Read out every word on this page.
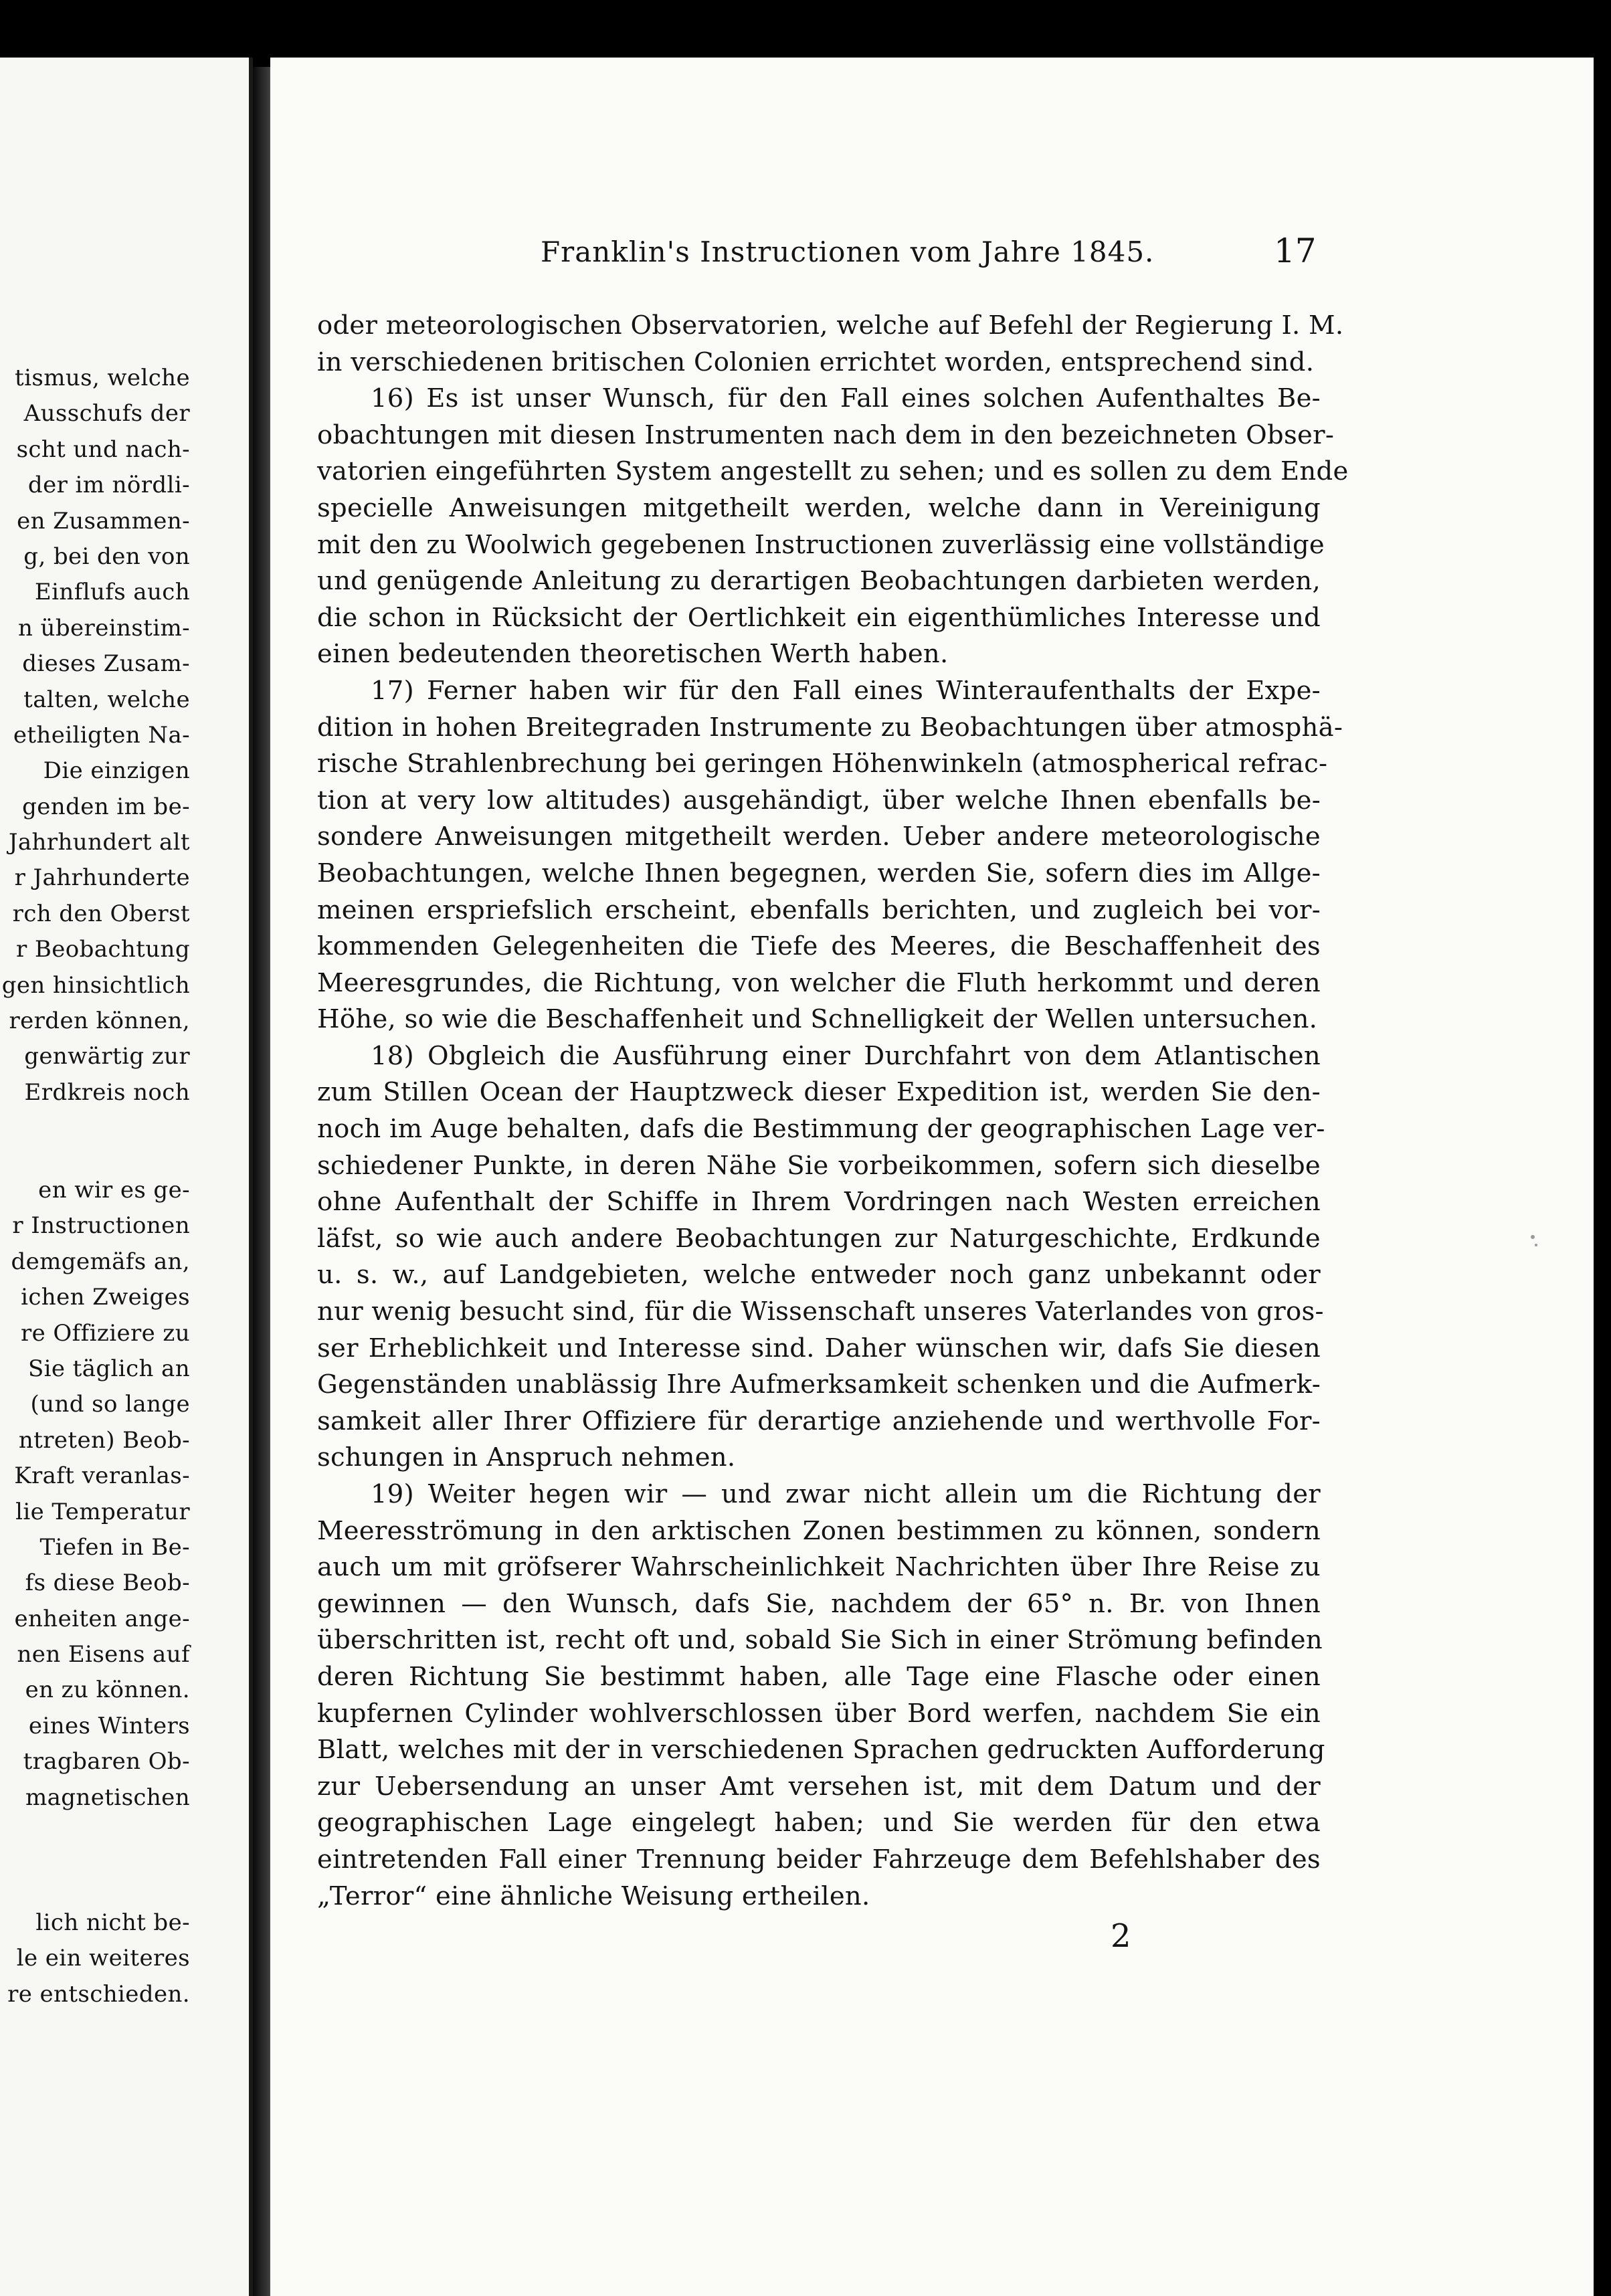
tismus, welche
Ausschufs der
scht und nach-
der im nördli-
en Zusammen-
g, bei den von
Einflufs auch
n übereinstim-
dieses Zusam-
talten, welche
etheiligten Na-
Die einzigen
genden im be-
Jahrhundert alt
r Jahrhunderte
rch den Oberst
r Beobachtung
gen hinsichtlich
rerden können,
genwärtig zur
Erdkreis noch
en wir es ge-
r Instructionen
demgemäfs an,
ichen Zweiges
re Offiziere zu
Sie täglich an
(und so lange
ntreten) Beob-
Kraft veranlas-
lie Temperatur
Tiefen in Be-
fs diese Beob-
enheiten ange-
nen Eisens auf
en zu können.
eines Winters
tragbaren Ob-
magnetischen
lich nicht be-
le ein weiteres
re entschieden.
Franklin's Instructionen vom Jahre 1845.	17
oder meteorologischen Observatorien, welche auf Befehl der Regierung I. M.
in verschiedenen britischen Colonien errichtet worden, entsprechend sind.
16) Es ist unser Wunsch, für den Fall eines solchen Aufenthaltes Be-
obachtungen mit diesen Instrumenten nach dem in den bezeichneten Obser-
vatorien eingeführten System angestellt zu sehen; und es sollen zu dem Ende
specielle Anweisungen mitgetheilt werden, welche dann in Vereinigung
mit den zu Woolwich gegebenen Instructionen zuverlässig eine vollständige
und genügende Anleitung zu derartigen Beobachtungen darbieten werden,
die schon in Rücksicht der Oertlichkeit ein eigenthümliches Interesse und
einen bedeutenden theoretischen Werth haben.
17) Ferner haben wir für den Fall eines Winteraufenthalts der Expe-
dition in hohen Breitegraden Instrumente zu Beobachtungen über atmosphä-
rische Strahlenbrechung bei geringen Höhenwinkeln (atmospherical refrac-
tion at very low altitudes) ausgehändigt, über welche Ihnen ebenfalls be-
sondere Anweisungen mitgetheilt werden. Ueber andere meteorologische
Beobachtungen, welche Ihnen begegnen, werden Sie, sofern dies im Allge-
meinen erspriefslich erscheint, ebenfalls berichten, und zugleich bei vor-
kommenden Gelegenheiten die Tiefe des Meeres, die Beschaffenheit des
Meeresgrundes, die Richtung, von welcher die Fluth herkommt und deren
Höhe, so wie die Beschaffenheit und Schnelligkeit der Wellen untersuchen.
18) Obgleich die Ausführung einer Durchfahrt von dem Atlantischen
zum Stillen Ocean der Hauptzweck dieser Expedition ist, werden Sie den-
noch im Auge behalten, dafs die Bestimmung der geographischen Lage ver-
schiedener Punkte, in deren Nähe Sie vorbeikommen, sofern sich dieselbe
ohne Aufenthalt der Schiffe in Ihrem Vordringen nach Westen erreichen
läfst, so wie auch andere Beobachtungen zur Naturgeschichte, Erdkunde
u. s. w., auf Landgebieten, welche entweder noch ganz unbekannt oder
nur wenig besucht sind, für die Wissenschaft unseres Vaterlandes von gros-
ser Erheblichkeit und Interesse sind. Daher wünschen wir, dafs Sie diesen
Gegenständen unablässig Ihre Aufmerksamkeit schenken und die Aufmerk-
samkeit aller Ihrer Offiziere für derartige anziehende und werthvolle For-
schungen in Anspruch nehmen.
19) Weiter hegen wir — und zwar nicht allein um die Richtung der
Meeresströmung in den arktischen Zonen bestimmen zu können, sondern
auch um mit gröfserer Wahrscheinlichkeit Nachrichten über Ihre Reise zu
gewinnen — den Wunsch, dafs Sie, nachdem der 65° n. Br. von Ihnen
überschritten ist, recht oft und, sobald Sie Sich in einer Strömung befinden
deren Richtung Sie bestimmt haben, alle Tage eine Flasche oder einen
kupfernen Cylinder wohlverschlossen über Bord werfen, nachdem Sie ein
Blatt, welches mit der in verschiedenen Sprachen gedruckten Aufforderung
zur Uebersendung an unser Amt versehen ist, mit dem Datum und der
geographischen Lage eingelegt haben; und Sie werden für den etwa
eintretenden Fall einer Trennung beider Fahrzeuge dem Befehlshaber des
„Terror“ eine ähnliche Weisung ertheilen.
2
